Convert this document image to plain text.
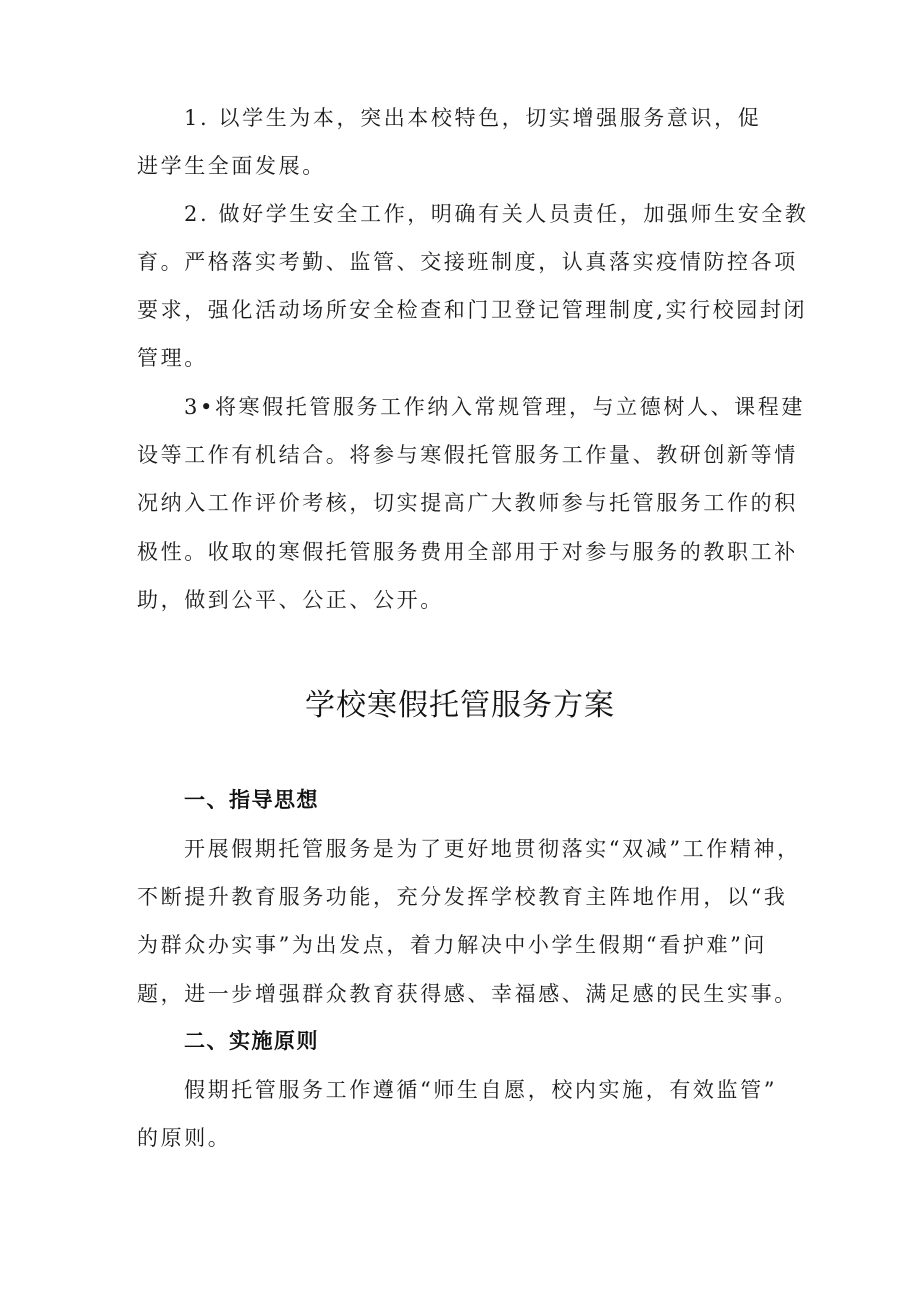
1. 以学生为本，突出本校特色，切实增强服务意识，促
进学生全面发展。
2. 做好学生安全工作，明确有关人员责任，加强师生安全教
育。严格落实考勤、监管、交接班制度，认真落实疫情防控各项
要求，强化活动场所安全检查和门卫登记管理制度,实行校园封闭
管理。
3•将寒假托管服务工作纳入常规管理，与立德树人、课程建
设等工作有机结合。将参与寒假托管服务工作量、教研创新等情
况纳入工作评价考核，切实提高广大教师参与托管服务工作的积
极性。收取的寒假托管服务费用全部用于对参与服务的教职工补
助，做到公平、公正、公开。
学校寒假托管服务方案
一、指导思想
开展假期托管服务是为了更好地贯彻落实“双减”工作精神，
不断提升教育服务功能，充分发挥学校教育主阵地作用，以“我
为群众办实事”为出发点，着力解决中小学生假期“看护难”问
题，进一步增强群众教育获得感、幸福感、满足感的民生实事。
二、实施原则
假期托管服务工作遵循“师生自愿，校内实施，有效监管”
的原则。
